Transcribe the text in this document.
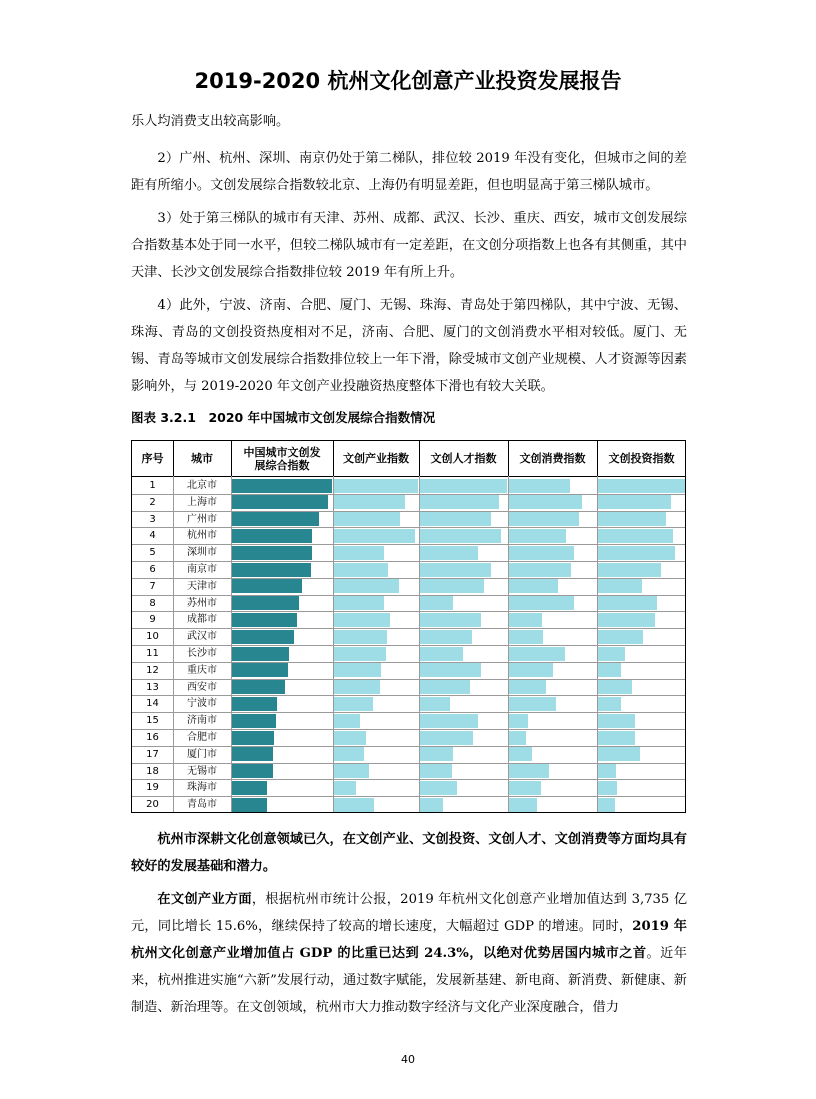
2019-2020 杭州文化创意产业投资发展报告

乐人均消费支出较高影响。

2）广州、杭州、深圳、南京仍处于第二梯队，排位较 2019 年没有变化，但城市之间的差距有所缩小。文创发展综合指数较北京、上海仍有明显差距，但也明显高于第三梯队城市。

3）处于第三梯队的城市有天津、苏州、成都、武汉、长沙、重庆、西安，城市文创发展综合指数基本处于同一水平，但较二梯队城市有一定差距，在文创分项指数上也各有其侧重，其中天津、长沙文创发展综合指数排位较 2019 年有所上升。

4）此外，宁波、济南、合肥、厦门、无锡、珠海、青岛处于第四梯队，其中宁波、无锡、珠海、青岛的文创投资热度相对不足，济南、合肥、厦门的文创消费水平相对较低。厦门、无锡、青岛等城市文创发展综合指数排位较上一年下滑，除受城市文创产业规模、人才资源等因素影响外，与 2019-2020 年文创产业投融资热度整体下滑也有较大关联。

图表 3.2.1　2020 年中国城市文创发展综合指数情况

序号	城市	中国城市文创发
展综合指数	文创产业指数	文创人才指数	文创消费指数	文创投资指数
1	北京市
2	上海市
3	广州市
4	杭州市
5	深圳市
6	南京市
7	天津市
8	苏州市
9	成都市
10	武汉市
11	长沙市
12	重庆市
13	西安市
14	宁波市
15	济南市
16	合肥市
17	厦门市
18	无锡市
19	珠海市
20	青岛市

杭州市深耕文化创意领域已久，在文创产业、文创投资、文创人才、文创消费等方面均具有较好的发展基础和潜力。

在文创产业方面，根据杭州市统计公报，2019 年杭州文化创意产业增加值达到 3,735 亿元，同比增长 15.6%，继续保持了较高的增长速度，大幅超过 GDP 的增速。同时，2019 年杭州文化创意产业增加值占 GDP 的比重已达到 24.3%，以绝对优势居国内城市之首。近年来，杭州推进实施“六新”发展行动，通过数字赋能，发展新基建、新电商、新消费、新健康、新制造、新治理等。在文创领域，杭州市大力推动数字经济与文化产业深度融合，借力

40
